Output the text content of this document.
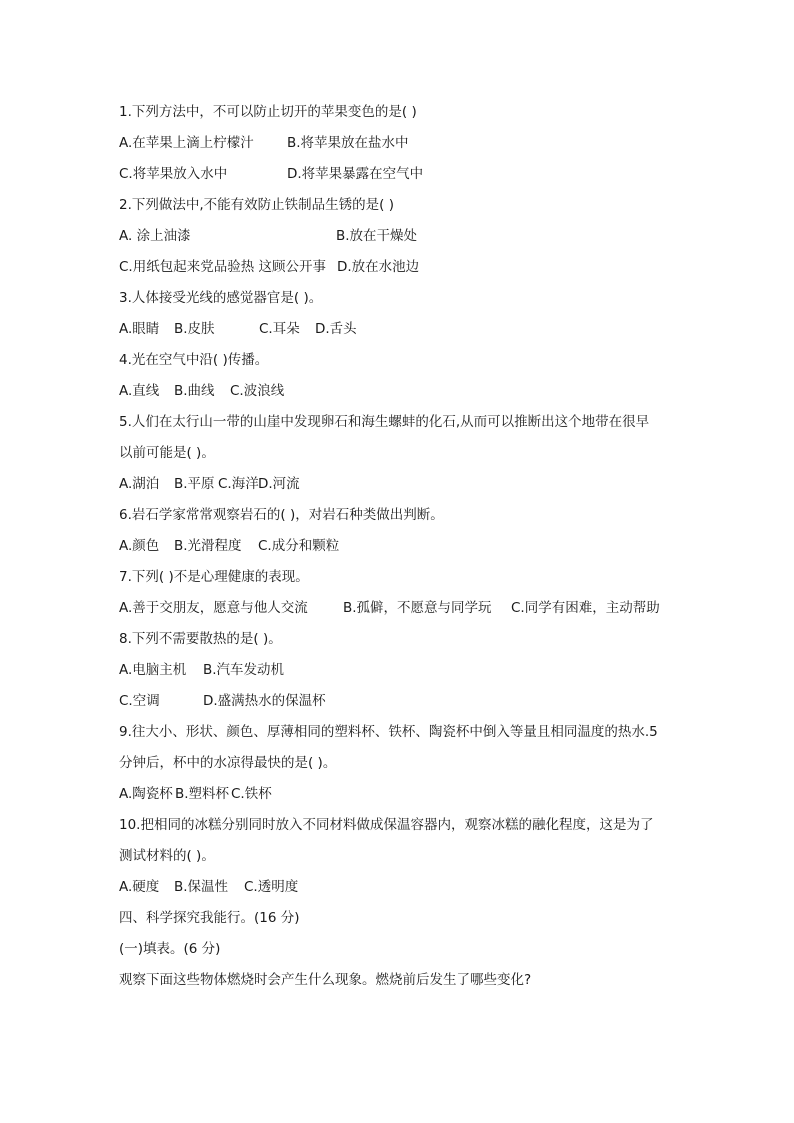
1.下列方法中，不可以防止切开的苹果变色的是( )
A.在苹果上滴上柠檬汁	B.将苹果放在盐水中
C.将苹果放入水中	D.将苹果暴露在空气中
2.下列做法中,不能有效防止铁制品生锈的是( )
A. 涂上油漆	B.放在干燥处
C.用纸包起来党品验热 这顾公开事 D.放在水池边
3.人体接受光线的感觉器官是( )。
A.眼睛	B.皮肤	C.耳朵	D.舌头
4.光在空气中沿( )传播。
A.直线	B.曲线	C.波浪线
5.人们在太行山一带的山崖中发现卵石和海生螺蚌的化石,从而可以推断出这个地带在很早
以前可能是( )。
A.湖泊	B.平原 C.海洋 D.河流
6.岩石学家常常观察岩石的( )，对岩石种类做出判断。
A.颜色	B.光滑程度	C.成分和颗粒
7.下列( )不是心理健康的表现。
A.善于交朋友，愿意与他人交流	B.孤僻，不愿意与同学玩	C.同学有困难，主动帮助
8.下列不需要散热的是( )。
A.电脑主机	B.汽车发动机
C.空调	D.盛满热水的保温杯
9.往大小、形状、颜色、厚薄相同的塑料杯、铁杯、陶瓷杯中倒入等量且相同温度的热水.5
分钟后，杯中的水凉得最快的是( )。
A.陶瓷杯 B.塑料杯 C.铁杯
10.把相同的冰糕分别同时放入不同材料做成保温容器内，观察冰糕的融化程度，这是为了
测试材料的( )。
A.硬度	B.保温性	C.透明度
四、科学探究我能行。(16 分)
(一)填表。(6 分)
观察下面这些物体燃烧时会产生什么现象。燃烧前后发生了哪些变化?
